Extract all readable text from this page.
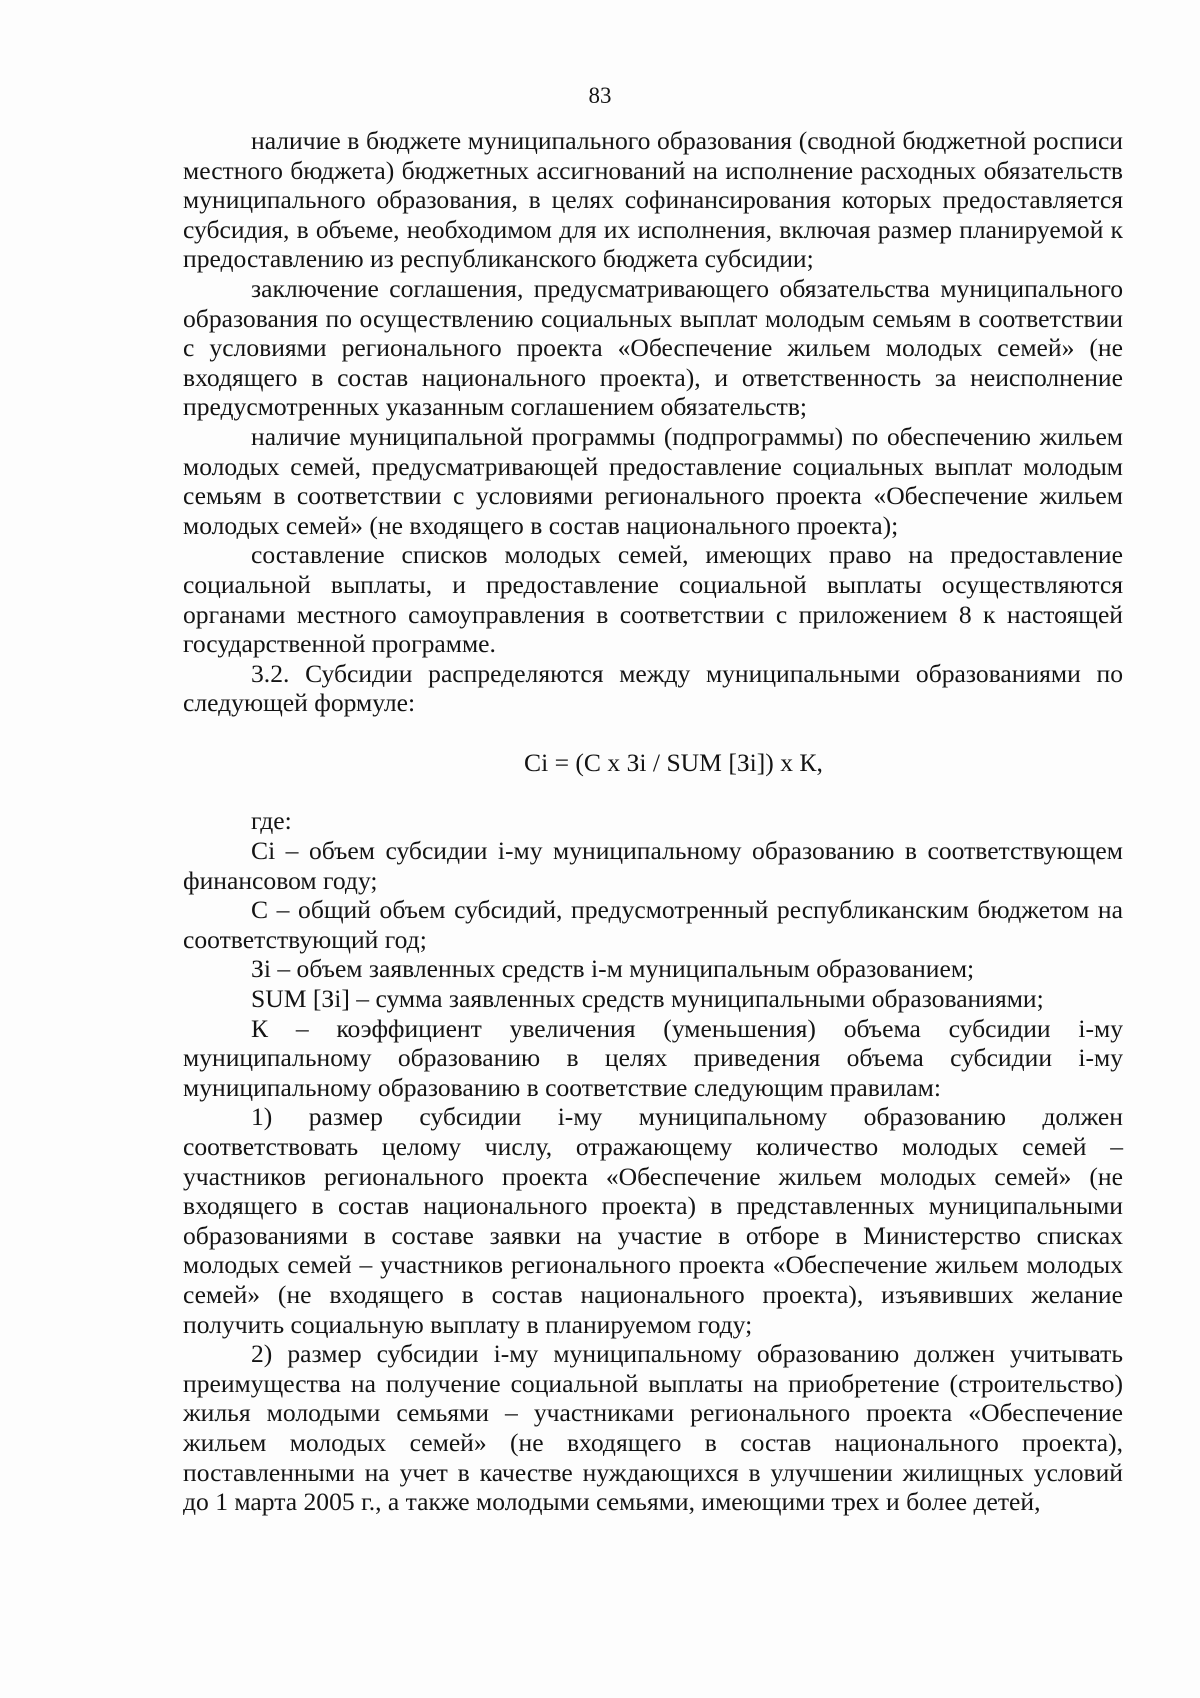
83

наличие в бюджете муниципального образования (сводной бюджетной росписи местного бюджета) бюджетных ассигнований на исполнение расходных обязательств муниципального образования, в целях софинансирования которых предоставляется субсидия, в объеме, необходимом для их исполнения, включая размер планируемой к предоставлению из республиканского бюджета субсидии;

заключение соглашения, предусматривающего обязательства муниципального образования по осуществлению социальных выплат молодым семьям в соответствии с условиями регионального проекта «Обеспечение жильем молодых семей» (не входящего в состав национального проекта), и ответственность за неисполнение предусмотренных указанным соглашением обязательств;

наличие муниципальной программы (подпрограммы) по обеспечению жильем молодых семей, предусматривающей предоставление социальных выплат молодым семьям в соответствии с условиями регионального проекта «Обеспечение жильем молодых семей» (не входящего в состав национального проекта);

составление списков молодых семей, имеющих право на предоставление социальной выплаты, и предоставление социальной выплаты осуществляются органами местного самоуправления в соответствии с приложением 8 к настоящей государственной программе.

3.2. Субсидии распределяются между муниципальными образованиями по следующей формуле:

Ci = (С x Зi / SUM [Зi]) x К,

где:

Сi – объем субсидии i-му муниципальному образованию в соответствующем финансовом году;

С – общий объем субсидий, предусмотренный республиканским бюджетом на соответствующий год;

Зi – объем заявленных средств i-м муниципальным образованием;

SUM [Зi] – сумма заявленных средств муниципальными образованиями;

К – коэффициент увеличения (уменьшения) объема субсидии i-му муниципальному образованию в целях приведения объема субсидии i-му муниципальному образованию в соответствие следующим правилам:

1) размер субсидии i-му муниципальному образованию должен соответствовать целому числу, отражающему количество молодых семей – участников регионального проекта «Обеспечение жильем молодых семей» (не входящего в состав национального проекта) в представленных муниципальными образованиями в составе заявки на участие в отборе в Министерство списках молодых семей – участников регионального проекта «Обеспечение жильем молодых семей» (не входящего в состав национального проекта), изъявивших желание получить социальную выплату в планируемом году;

2) размер субсидии i-му муниципальному образованию должен учитывать преимущества на получение социальной выплаты на приобретение (строительство) жилья молодыми семьями – участниками регионального проекта «Обеспечение жильем молодых семей» (не входящего в состав национального проекта), поставленными на учет в качестве нуждающихся в улучшении жилищных условий до 1 марта 2005 г., а также молодыми семьями, имеющими трех и более детей,
